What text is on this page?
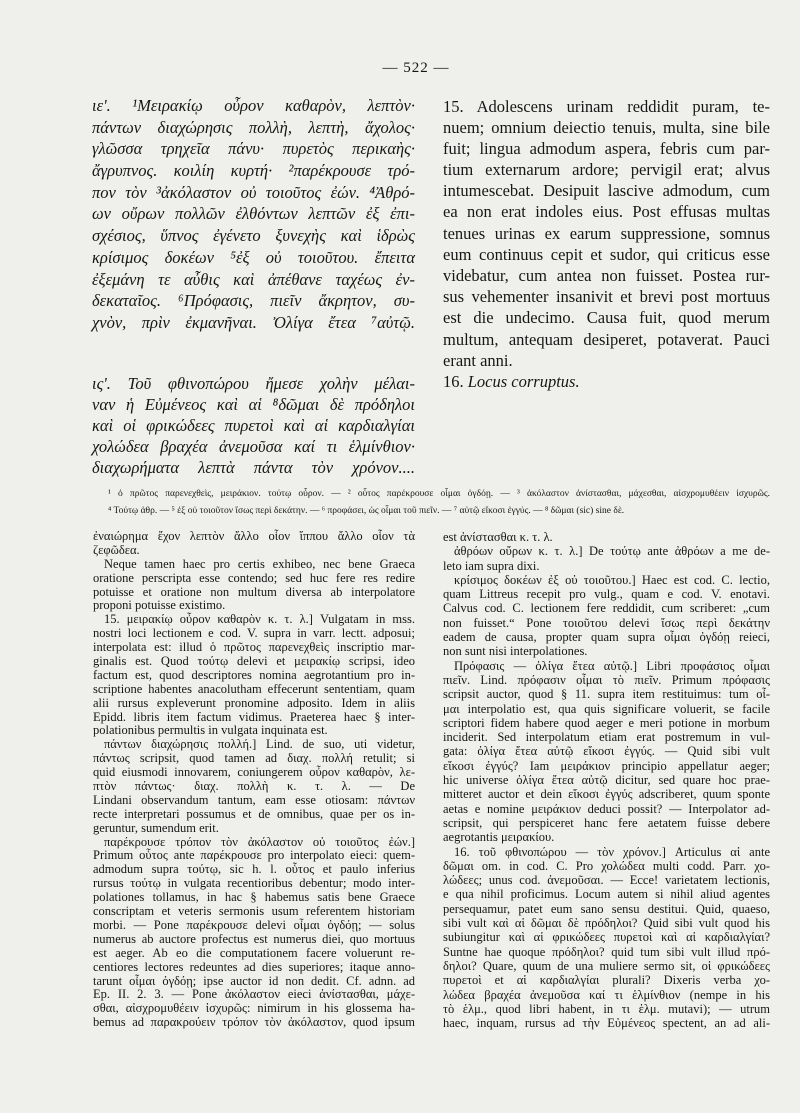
— 522 —
ιε'. ¹Μειρακίῳ οὖρον καθαρὸν, λεπτὸν·
πάντων διαχώρησις πολλὴ, λεπτὴ, ἄχολος·
γλῶσσα τρηχεῖα πάνυ· πυρετὸς περικαὴς·
ἄγρυπνος. κοιλίη κυρτή· ²παρέκρουσε τρό-
πον τὸν ³ἀκόλαστον οὐ τοιοῦτος ἐών. ⁴Ἀθρό-
ων οὔρων πολλῶν ἐλθόντων λεπτῶν ἐξ ἐπι-
σχέσιος, ὕπνος ἐγένετο ξυνεχὴς καὶ ἱδρὼς
κρίσιμος δοκέων ⁵ἐξ οὐ τοιοῦτου. ἔπειτα
ἐξεμάνη τε αὖθις καὶ ἀπέθανε ταχέως ἐν-
δεκαταῖος. ⁶Πρόφασις, πιεῖν ἄκρητον, συ-
χνὸν, πρὶν ἐκμανῆναι. Ὀλίγα ἔτεα ⁷αὐτῷ.
ις'. Τοῦ φθινοπώρου ἤμεσε χολὴν μέλαι-
ναν ἡ Εὐμένεος καὶ αἱ ⁸δῶμαι δὲ πρόδηλοι
καὶ οἱ φρικώδεες πυρετοὶ καὶ αἱ καρδιαλγίαι
χολώδεα βραχέα ἀνεμοῦσα καί τι ἑλμίνθιον·
διαχωρήματα λεπτὰ πάντα τὸν χρόνον....
15. Adolescens urinam reddidit puram, te-
nuem; omnium deiectio tenuis, multa, sine bile
fuit; lingua admodum aspera, febris cum par-
tium externarum ardore; pervigil erat; alvus
intumescebat. Desipuit lascive admodum, cum
ea non erat indoles eius. Post effusas multas
tenues urinas ex earum suppressione, somnus
eum continuus cepit et sudor, qui criticus esse
videbatur, cum antea non fuisset. Postea rur-
sus vehementer insanivit et brevi post mortuus
est die undecimo. Causa fuit, quod merum
multum, antequam desiperet, potaverat. Pauci
erant anni.
16. Locus corruptus.
¹ ὁ πρῶτος παρενεχθεὶς, μειράκιον. τούτῳ οὖρον. — ² οὗτος παρέκρουσε οἶμαι ὀγδόῃ. — ³ ἀκόλαστον ἀνίστασθαι, μάχεσθαι, αἰσχρομυθέειν ἰσχυρῶς.
⁴ Τούτῳ ἀθρ. — ⁵ ἐξ οὐ τοιοῦτον ἴσως περὶ δεκάτην. — ⁶ προφάσει, ὡς οἶμαι τοῦ πιεῖν. — ⁷ αὐτῷ εἴκοσι ἐγγύς. — ⁸ δῶμαι (sic) sine δὲ.
ἐναιώρημα ἔχον λεπτὸν ἄλλο οἷον ἵππου ἄλλο οἷον τὰ
ζεφῶδεα.
Neque tamen haec pro certis exhibeo, nec bene Graeca
oratione perscripta esse contendo; sed huc fere res redire
potuisse et oratione non multum diversa ab interpolatore
proponi potuisse existimo.
15. μειρακίῳ οὖρον καθαρὸν κ. τ. λ.] Vulgatam in mss.
nostri loci lectionem e cod. V. supra in varr. lectt. adposui;
interpolata est: illud ὁ πρῶτος παρενεχθεὶς inscriptio mar-
ginalis est. Quod τούτῳ delevi et μειρακίῳ scripsi, ideo
factum est, quod descriptores nomina aegrotantium pro in-
scriptione habentes anacolutham effecerunt sententiam, quam
alii rursus expleverunt pronomine adposito. Idem in aliis
Epidd. libris item factum vidimus. Praeterea haec § inter-
polationibus permultis in vulgata inquinata est.
πάντων διαχώρησις πολλή.] Lind. de suo, uti videtur,
πάντως scripsit, quod tamen ad διαχ. πολλή retulit; si
quid eiusmodi innovarem, coniungerem οὖρον καθαρὸν, λε-
πτὸν πάντως· διαχ. πολλὴ κ. τ. λ. — De
Lindani observandum tantum, eam esse otiosam: πάντων
recte interpretari possumus et de omnibus, quae per os in-
geruntur, sumendum erit.
παρέκρουσε τρόπον τὸν ἀκόλαστον οὐ τοιοῦτος ἐών.]
Primum οὗτος ante παρέκρουσε pro interpolato eieci: quem-
admodum supra τούτῳ, sic h. l. οὗτος et paulo inferius
rursus τούτῳ in vulgata recentioribus debentur; modo inter-
polationes tollamus, in hac § habemus satis bene Graece
conscriptam et veteris sermonis usum referentem historiam
morbi. — Pone παρέκρουσε delevi οἶμαι ὀγδόῃ; — solus
numerus ab auctore profectus est numerus diei, quo mortuus
est aeger. Ab eo die computationem facere voluerunt re-
centiores lectores redeuntes ad dies superiores; itaque anno-
tarunt οἶμαι ὀγδόῃ; ipse auctor id non dedit. Cf. adnn. ad
Ep. II. 2. 3. — Pone ἀκόλαστον eieci ἀνίστασθαι, μάχε-
σθαι, αἰσχρομυθέειν ἰσχυρῶς: nimirum in his glossema ha-
bemus ad παρακρούειν τρόπον τὸν ἀκόλαστον, quod ipsum
est ἀνίστασθαι κ. τ. λ.
ἀθρόων οὔρων κ. τ. λ.] De τούτῳ ante ἀθρόων a me de-
leto iam supra dixi.
κρίσιμος δοκέων ἐξ οὐ τοιοῦτου.] Haec est cod. C. lectio,
quam Littreus recepit pro vulg., quam e cod. V. enotavi.
Calvus cod. C. lectionem fere reddidit, cum scriberet: „cum
non fuisset.“ Pone τοιοῦτου delevi ἴσως περὶ δεκάτην
eadem de causa, propter quam supra οἶμαι ὀγδόῃ reieci,
non sunt nisi interpolationes.
Πρόφασις — ὀλίγα ἔτεα αὐτῷ.] Libri προφάσιος οἶμαι
πιεῖν. Lind. πρόφασιν οἶμαι τὸ πιεῖν. Primum πρόφασις
scripsit auctor, quod § 11. supra item restituimus: tum οἶ-
μαι interpolatio est, qua quis significare voluerit, se facile
scriptori fidem habere quod aeger e meri potione in morbum
inciderit. Sed interpolatum etiam erat postremum in vul-
gata: ὀλίγα ἔτεα αὐτῷ εἴκοσι ἐγγύς. — Quid sibi vult
εἴκοσι ἐγγύς? Iam μειράκιον principio appellatur aeger;
hic universe ὀλίγα ἔτεα αὐτῷ dicitur, sed quare hoc prae-
mitteret auctor et dein εἴκοσι ἐγγύς adscriberet, quum sponte
aetas e nomine μειράκιον deduci possit? — Interpolator ad-
scripsit, qui perspiceret hanc fere aetatem fuisse debere
aegrotantis μειρακίου.
16. τοῦ φθινοπώρου — τὸν χρόνον.] Articulus αἱ ante
δῶμαι om. in cod. C. Pro χολώδεα multi codd. Parr. χο-
λώδεες; unus cod. ἀνεμοῦσαι. — Ecce! varietatem lectionis,
e qua nihil proficimus. Locum autem si nihil aliud agentes
persequamur, patet eum sano sensu destitui. Quid, quaeso,
sibi vult καὶ αἱ δῶμαι δὲ πρόδηλοι? Quid sibi vult quod his
subiungitur καὶ αἱ φρικώδεες πυρετοὶ καὶ αἱ καρδιαλγίαι?
Suntne hae quoque πρόδηλοι? quid tum sibi vult illud πρό-
δηλοι? Quare, quum de una muliere sermo sit, οἱ φρικώδεες
πυρετοὶ et αἱ καρδιαλγίαι plurali? Dixeris verba χο-
λώδεα βραχέα ἀνεμοῦσα καί τι ἑλμίνθιον (nempe in his
τὸ ἑλμ., quod libri habent, in τι ἑλμ. mutavi); — utrum
haec, inquam, rursus ad τὴν Εὐμένεος spectent, an ad ali-
